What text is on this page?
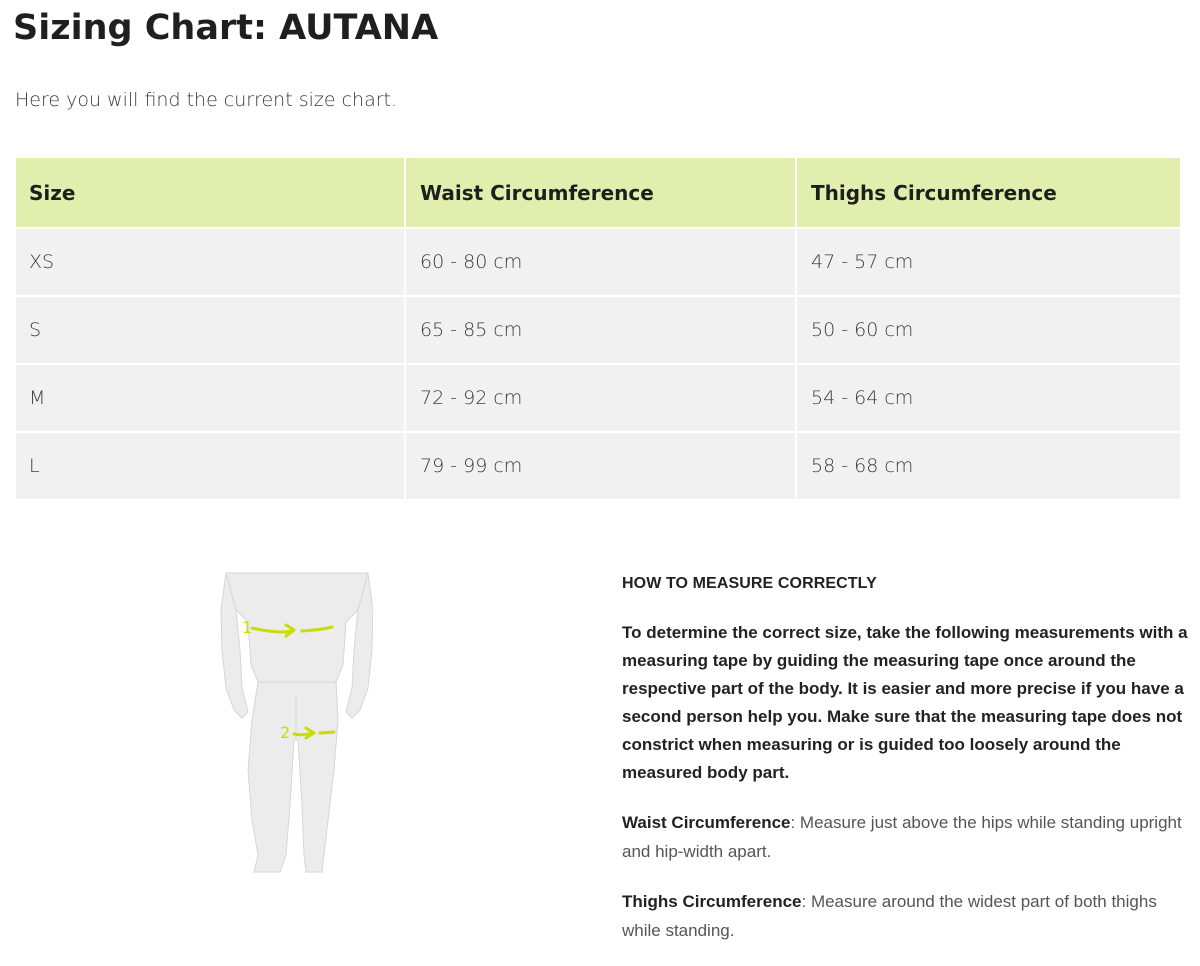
Sizing Chart: AUTANA

Here you will find the current size chart.

Size	Waist Circumference	Thighs Circumference
XS	60 - 80 cm	47 - 57 cm
S	65 - 85 cm	50 - 60 cm
M	72 - 92 cm	54 - 64 cm
L	79 - 99 cm	58 - 68 cm
1
2

HOW TO MEASURE CORRECTLY

To determine the correct size, take the following measurements with a measuring tape by guiding the measuring tape once around the respective part of the body. It is easier and more precise if you have a second person help you. Make sure that the measuring tape does not constrict when measuring or is guided too loosely around the measured body part.

Waist Circumference: Measure just above the hips while standing upright and hip-width apart.

Thighs Circumference: Measure around the widest part of both thighs while standing.
